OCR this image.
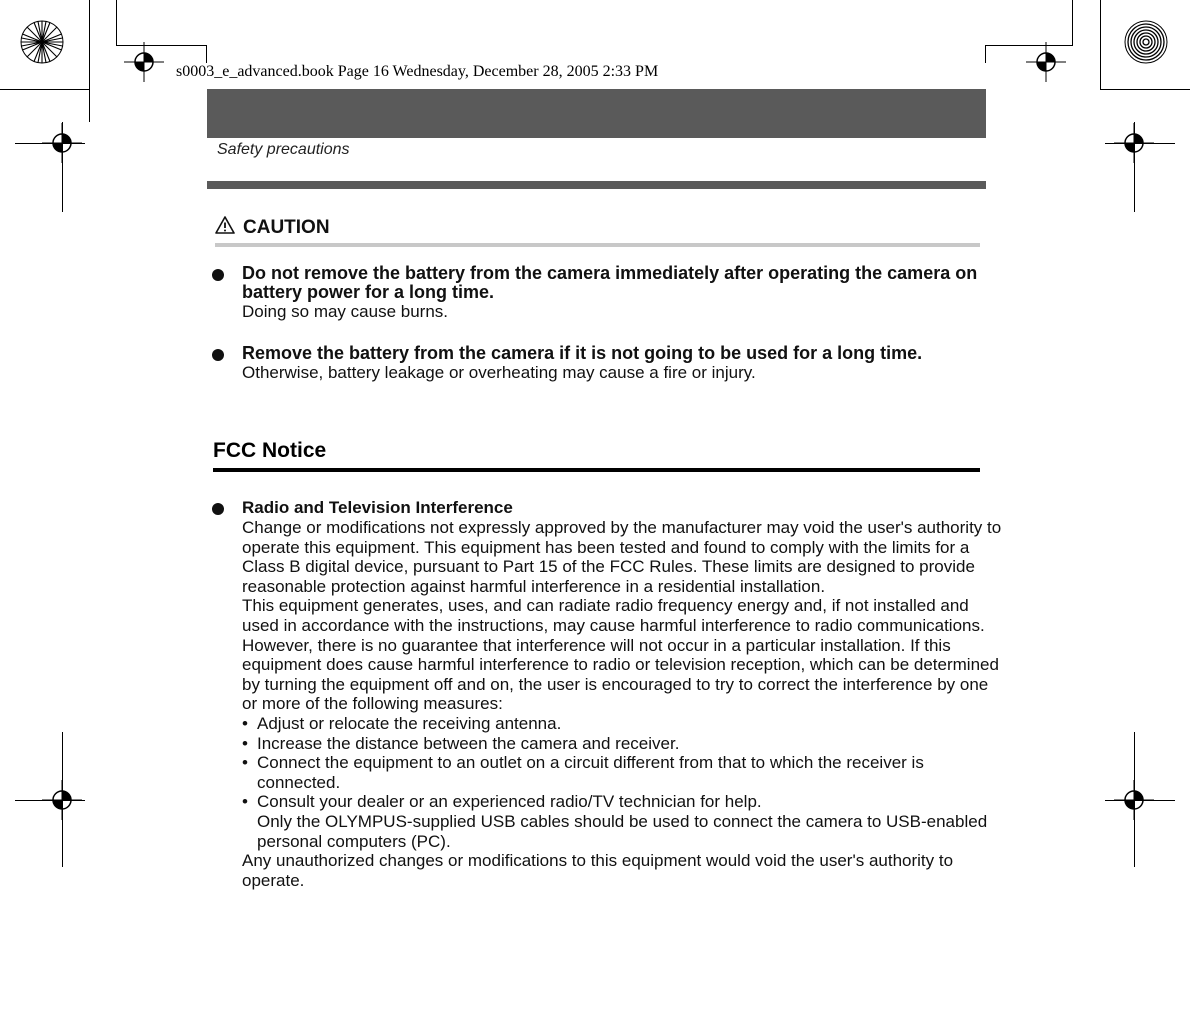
s0003_e_advanced.book Page 16 Wednesday, December 28, 2005 2:33 PM
Safety precautions
CAUTION
Do not remove the battery from the camera immediately after operating the camera on battery power for a long time.
Doing so may cause burns.
Remove the battery from the camera if it is not going to be used for a long time.
Otherwise, battery leakage or overheating may cause a fire or injury.
FCC Notice
Radio and Television Interference

Change or modifications not expressly approved by the manufacturer may void the user's authority to operate this equipment. This equipment has been tested and found to comply with the limits for a Class B digital device, pursuant to Part 15 of the FCC Rules. These limits are designed to provide reasonable protection against harmful interference in a residential installation.

This equipment generates, uses, and can radiate radio frequency energy and, if not installed and used in accordance with the instructions, may cause harmful interference to radio communications.

However, there is no guarantee that interference will not occur in a particular installation. If this equipment does cause harmful interference to radio or television reception, which can be determined by turning the equipment off and on, the user is encouraged to try to correct the interference by one or more of the following measures:

• Adjust or relocate the receiving antenna.
• Increase the distance between the camera and receiver.
• Connect the equipment to an outlet on a circuit different from that to which the receiver is connected.
• Consult your dealer or an experienced radio/TV technician for help.

Only the OLYMPUS-supplied USB cables should be used to connect the camera to USB-enabled personal computers (PC).

Any unauthorized changes or modifications to this equipment would void the user's authority to operate.
